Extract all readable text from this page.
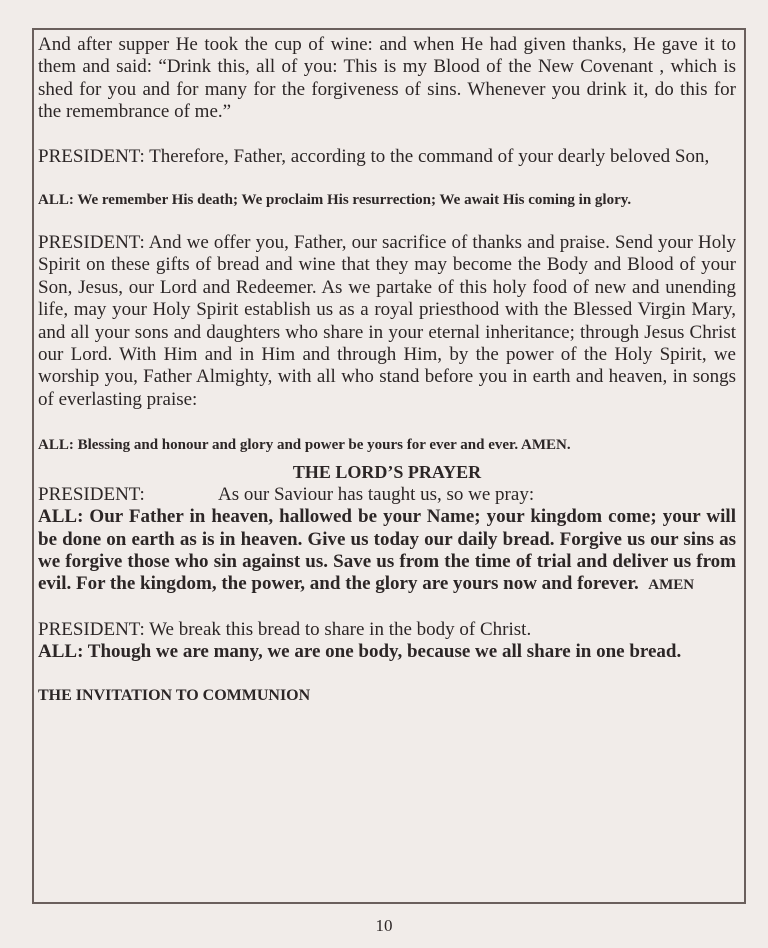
And after supper He took the cup of wine: and when He had given thanks, He gave it to them and said: “Drink this, all of you: This is my Blood of the New Covenant , which is shed for you and for many for the forgiveness of sins. Whenever you drink it, do this for the remembrance of me.”

PRESIDENT: Therefore, Father, according to the command of your dearly beloved Son,

ALL: We remember His death; We proclaim His resurrection; We await His coming in glory.

PRESIDENT: And we offer you, Father, our sacrifice of thanks and praise. Send your Holy Spirit on these gifts of bread and wine that they may become the Body and Blood of your Son, Jesus, our Lord and Redeemer. As we partake of this holy food of new and unending life, may your Holy Spirit establish us as a royal priesthood with the Blessed Virgin Mary, and all your sons and daughters who share in your eternal inheritance; through Jesus Christ our Lord. With Him and in Him and through Him, by the power of the Holy Spirit, we worship you, Father Almighty, with all who stand before you in earth and heaven, in songs of everlasting praise:

ALL: Blessing and honour and glory and power be yours for ever and ever. AMEN.

THE LORD’S PRAYER
PRESIDENT:	As our Saviour has taught us, so we pray:

ALL: Our Father in heaven, hallowed be your Name; your kingdom come; your will be done on earth as is in heaven. Give us today our daily bread. Forgive us our sins as we forgive those who sin against us. Save us from the time of trial and deliver us from evil. For the kingdom, the power, and the glory are yours now and forever. AMEN

PRESIDENT: We break this bread to share in the body of Christ.

ALL: Though we are many, we are one body, because we all share in one bread.

THE INVITATION TO COMMUNION

10
